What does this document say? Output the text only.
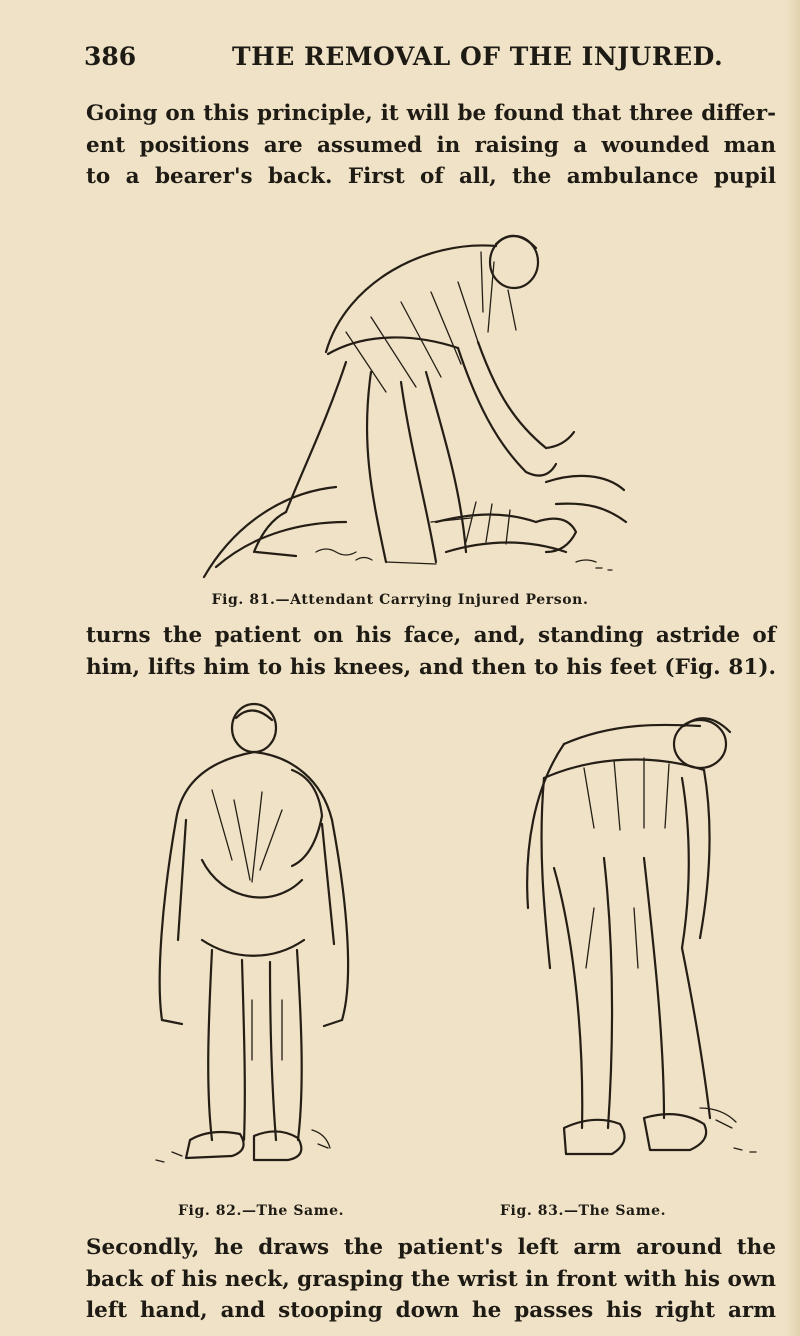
386	THE REMOVAL OF THE INJURED.
Going on this principle, it will be found that three differ-
ent positions are assumed in raising a wounded man
to a bearer's back. First of all, the ambulance pupil
Fig. 81.—Attendant Carrying Injured Person.
turns the patient on his face, and, standing astride of
him, lifts him to his knees, and then to his feet (Fig. 81).
Fig. 82.—The Same.	Fig. 83.—The Same.
Secondly, he draws the patient's left arm around the
back of his neck, grasping the wrist in front with his own
left hand, and stooping down he passes his right arm
